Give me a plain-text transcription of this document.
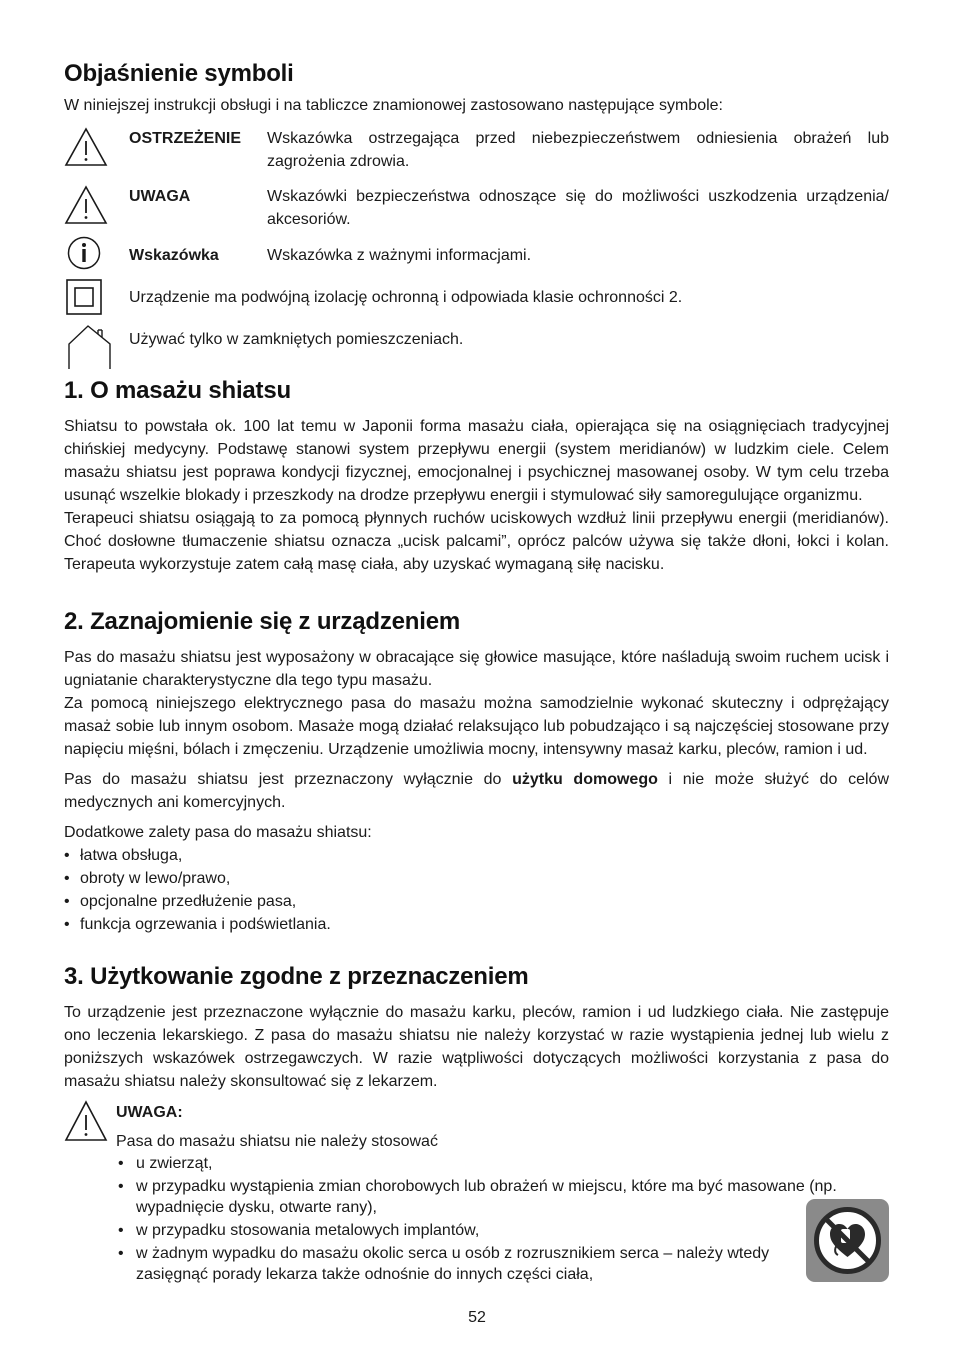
Objaśnienie symboli

W niniejszej instrukcji obsługi i na tabliczce znamionowej zastosowano następujące symbole:

OSTRZEŻENIE Wskazówka ostrzegająca przed niebezpieczeństwem odniesienia obrażeń lub zagrożenia zdrowia.
UWAGA	Wskazówki bezpieczeństwa odnoszące się do możliwości uszkodzenia urządzenia/ akcesoriów.
Wskazówka	Wskazówka z ważnymi informacjami.
Urządzenie ma podwójną izolację ochronną i odpowiada klasie ochronności 2.
Używać tylko w zamkniętych pomieszczeniach.
1. O masażu shiatsu

Shiatsu to powstała ok. 100 lat temu w Japonii forma masażu ciała, opierająca się na osiągnięciach tradycyjnej chińskiej medycyny. Podstawę stanowi system przepływu energii (system meridianów) w ludzkim ciele. Celem masażu shiatsu jest poprawa kondycji fizycznej, emocjonalnej i psychicznej masowanej osoby. W tym celu trzeba usunąć wszelkie blokady i przeszkody na drodze przepływu energii i stymulować siły samoregulujące organizmu.

Terapeuci shiatsu osiągają to za pomocą płynnych ruchów uciskowych wzdłuż linii przepływu energii (meridianów). Choć dosłowne tłumaczenie shiatsu oznacza „ucisk palcami”, oprócz palców używa się także dłoni, łokci i kolan. Terapeuta wykorzystuje zatem całą masę ciała, aby uzyskać wymaganą siłę nacisku.

2. Zaznajomienie się z urządzeniem

Pas do masażu shiatsu jest wyposażony w obracające się głowice masujące, które naśladują swoim ruchem ucisk i ugniatanie charakterystyczne dla tego typu masażu.

Za pomocą niniejszego elektrycznego pasa do masażu można samodzielnie wykonać skuteczny i odprężający masaż sobie lub innym osobom. Masaże mogą działać relaksująco lub pobudzająco i są najczęściej stosowane przy napięciu mięśni, bólach i zmęczeniu. Urządzenie umożliwia mocny, intensywny masaż karku, pleców, ramion i ud.

Pas do masażu shiatsu jest przeznaczony wyłącznie do użytku domowego i nie może służyć do celów medycznych ani komercyjnych.

Dodatkowe zalety pasa do masażu shiatsu:

• łatwa obsługa,
• obroty w lewo/prawo,
• opcjonalne przedłużenie pasa,
• funkcja ogrzewania i podświetlania.
3. Użytkowanie zgodne z przeznaczeniem

To urządzenie jest przeznaczone wyłącznie do masażu karku, pleców, ramion i ud ludzkiego ciała. Nie zastępuje ono leczenia lekarskiego. Z pasa do masażu shiatsu nie należy korzystać w razie wystąpienia jednej lub wielu z poniższych wskazówek ostrzegawczych. W razie wątpliwości dotyczących możliwości korzystania z pasa do masażu shiatsu należy skonsultować się z lekarzem.

UWAGA:
Pasa do masażu shiatsu nie należy stosować
• u zwierząt,
• w przypadku wystąpienia zmian chorobowych lub obrażeń w miejscu, które ma być masowane (np. wypadnięcie dysku, otwarte rany),
• w przypadku stosowania metalowych implantów,
• w żadnym wypadku do masażu okolic serca u osób z rozrusznikiem serca – należy wtedy zasięgnąć porady lekarza także odnośnie do innych części ciała,
52
